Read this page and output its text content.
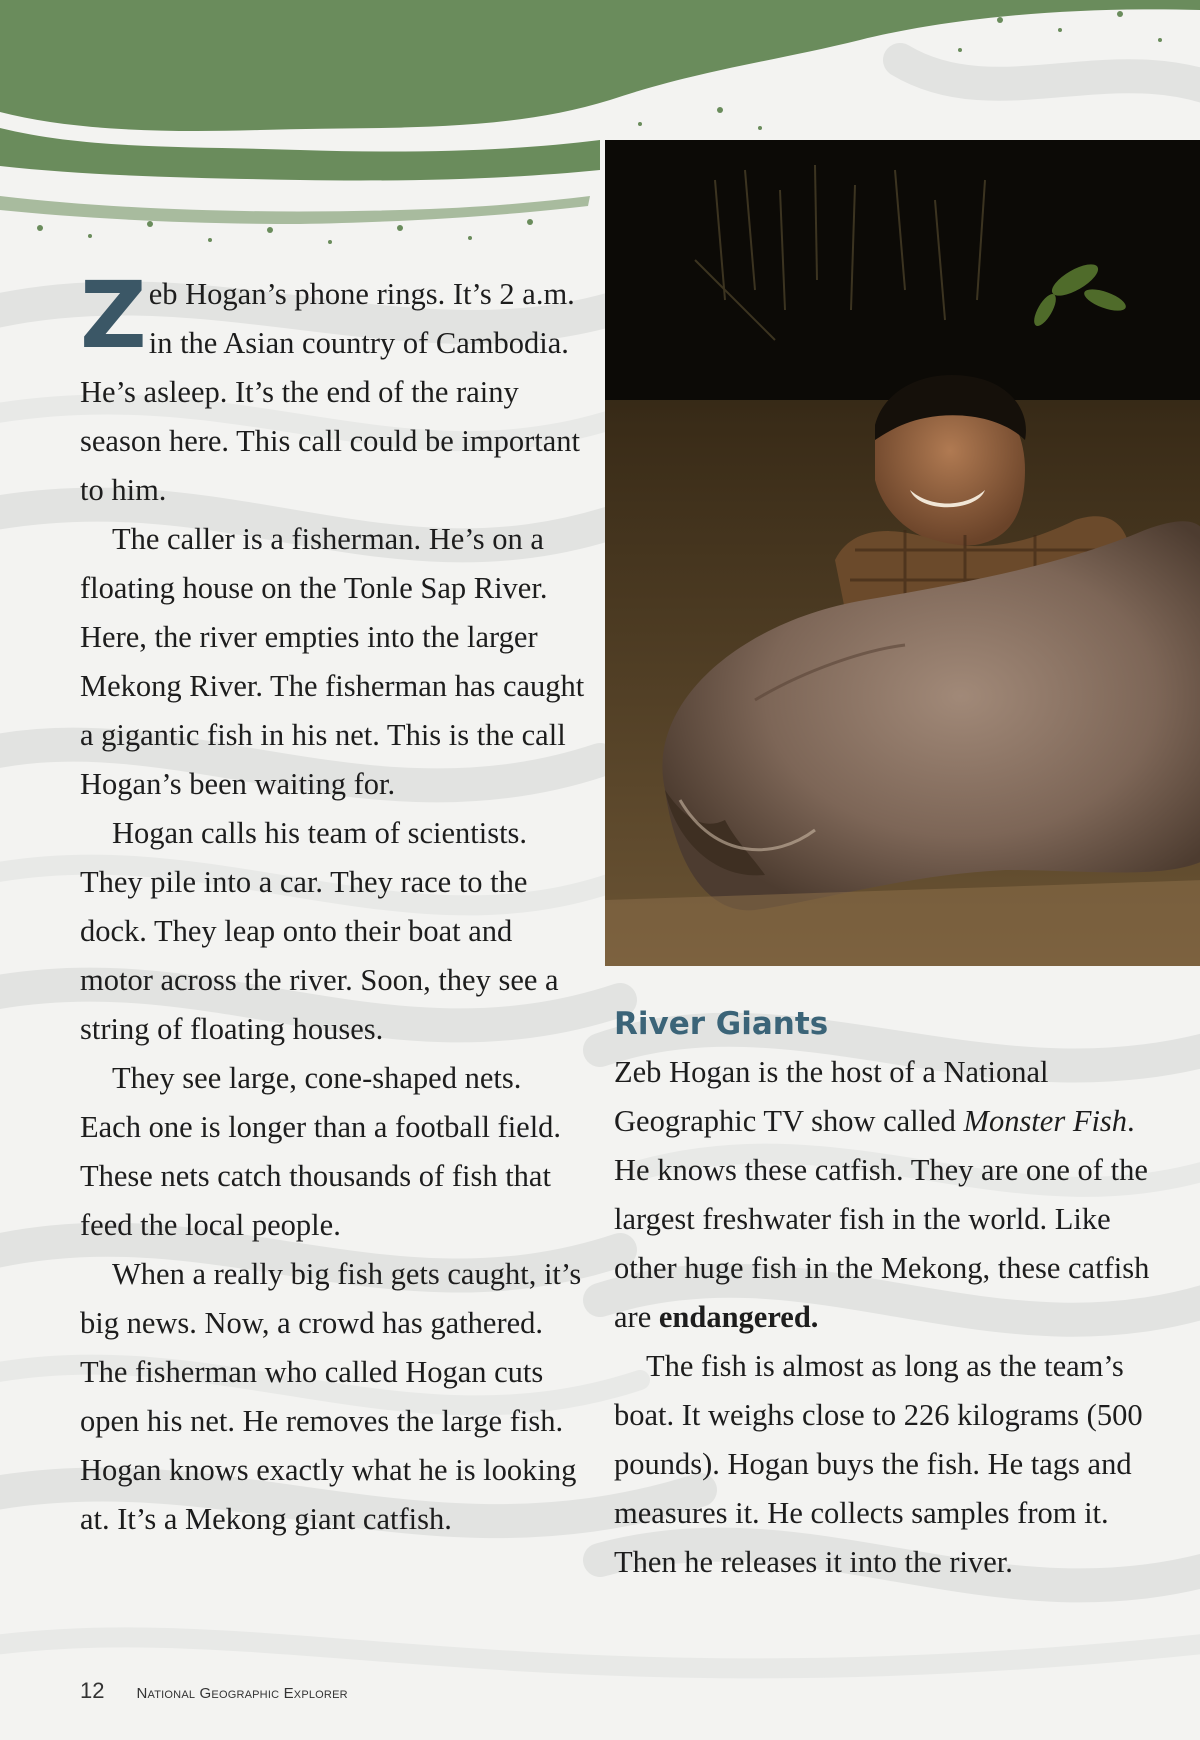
Zeb Hogan’s phone rings. It’s 2 a.m. in the Asian country of Cambodia. He’s asleep. It’s the end of the rainy season here. This call could be important to him.

The caller is a fisherman. He’s on a floating house on the Tonle Sap River. Here, the river empties into the larger Mekong River. The fisherman has caught a gigantic fish in his net. This is the call Hogan’s been waiting for.

Hogan calls his team of scientists. They pile into a car. They race to the dock. They leap onto their boat and motor across the river. Soon, they see a string of floating houses.

They see large, cone-shaped nets. Each one is longer than a football field. These nets catch thousands of fish that feed the local people.

When a really big fish gets caught, it’s big news. Now, a crowd has gathered. The fisherman who called Hogan cuts open his net. He removes the large fish. Hogan knows exactly what he is looking at. It’s a Mekong giant catfish.

River Giants

Zeb Hogan is the host of a National Geographic TV show called Monster Fish. He knows these catfish. They are one of the largest freshwater fish in the world. Like other huge fish in the Mekong, these catfish are endangered.

The fish is almost as long as the team’s boat. It weighs close to 226 kilograms (500 pounds). Hogan buys the fish. He tags and measures it. He collects samples from it. Then he releases it into the river.

12 National Geographic Explorer
